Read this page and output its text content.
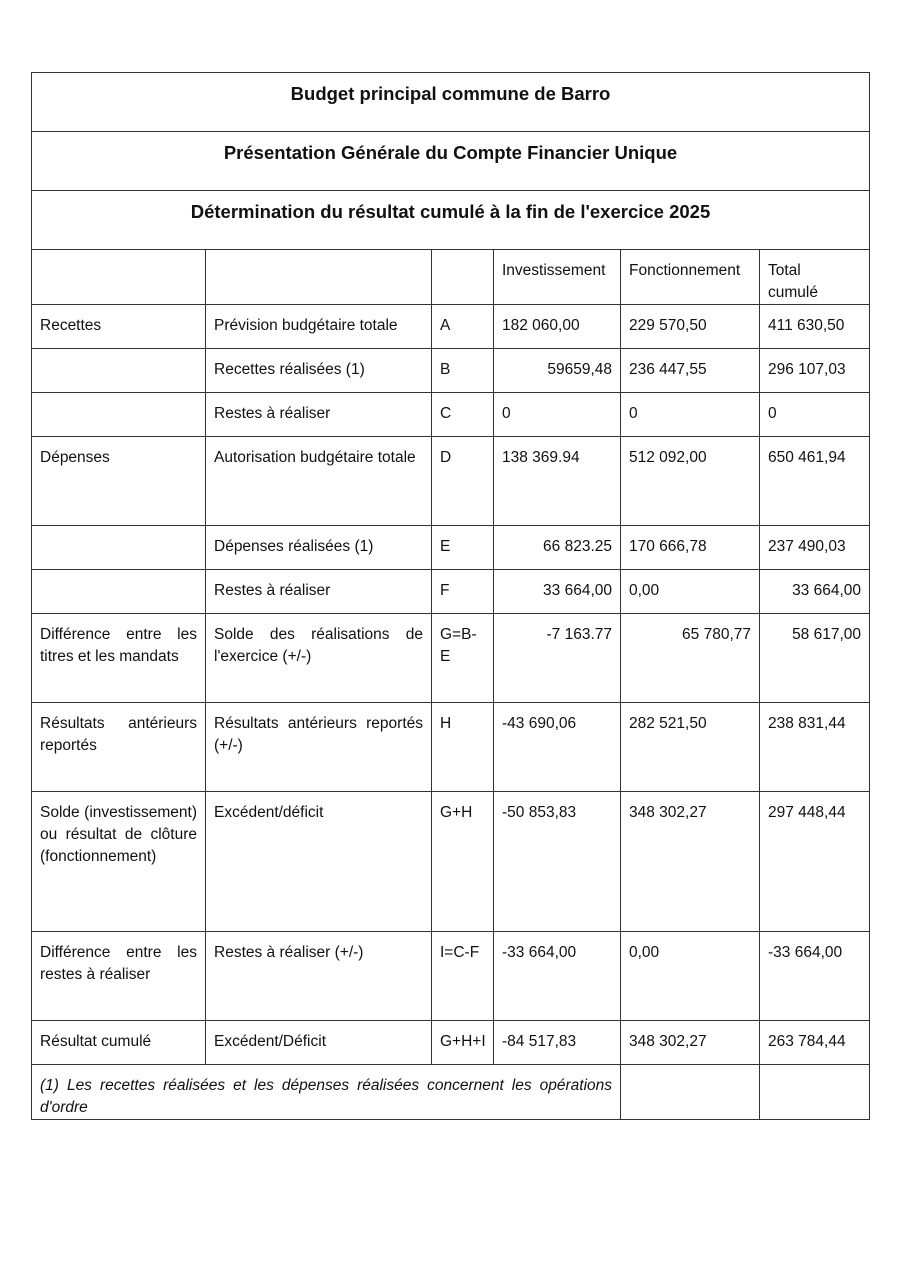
Budget principal commune de Barro					
Présentation Générale du Compte Financier Unique					
Détermination du résultat cumulé à la fin de l'exercice 2025					
			Investissement	Fonctionnement	Total
cumulé
Recettes	Prévision budgétaire totale	A	182 060,00	229 570,50	411 630,50
	Recettes réalisées (1)	B	59659,48	236 447,55	296 107,03
	Restes à réaliser	C	0	0	0
Dépenses	Autorisation budgétaire totale	D	138 369.94	512 092,00	650 461,94
	Dépenses réalisées (1)	E	66 823.25	170 666,78	237 490,03
	Restes à réaliser	F	33 664,00	0,00	33 664,00
Différence entre les titres et les mandats	Solde des réalisations de l'exercice (+/-)	G=B-E	-7 163.77	65 780,77	58 617,00
Résultats antérieurs reportés	Résultats antérieurs reportés (+/-)	H	-43 690,06	282 521,50	238 831,44
Solde (investissement) ou résultat de clôture (fonctionnement)	Excédent/déficit	G+H	-50 853,83	348 302,27	297 448,44
Différence entre les restes à réaliser	Restes à réaliser (+/-)	I=C-F	-33 664,00	0,00	-33 664,00
Résultat cumulé	Excédent/Déficit	G+H+I	-84 517,83	348 302,27	263 784,44
(1) Les recettes réalisées et les dépenses réalisées concernent les opérations d'ordre					
